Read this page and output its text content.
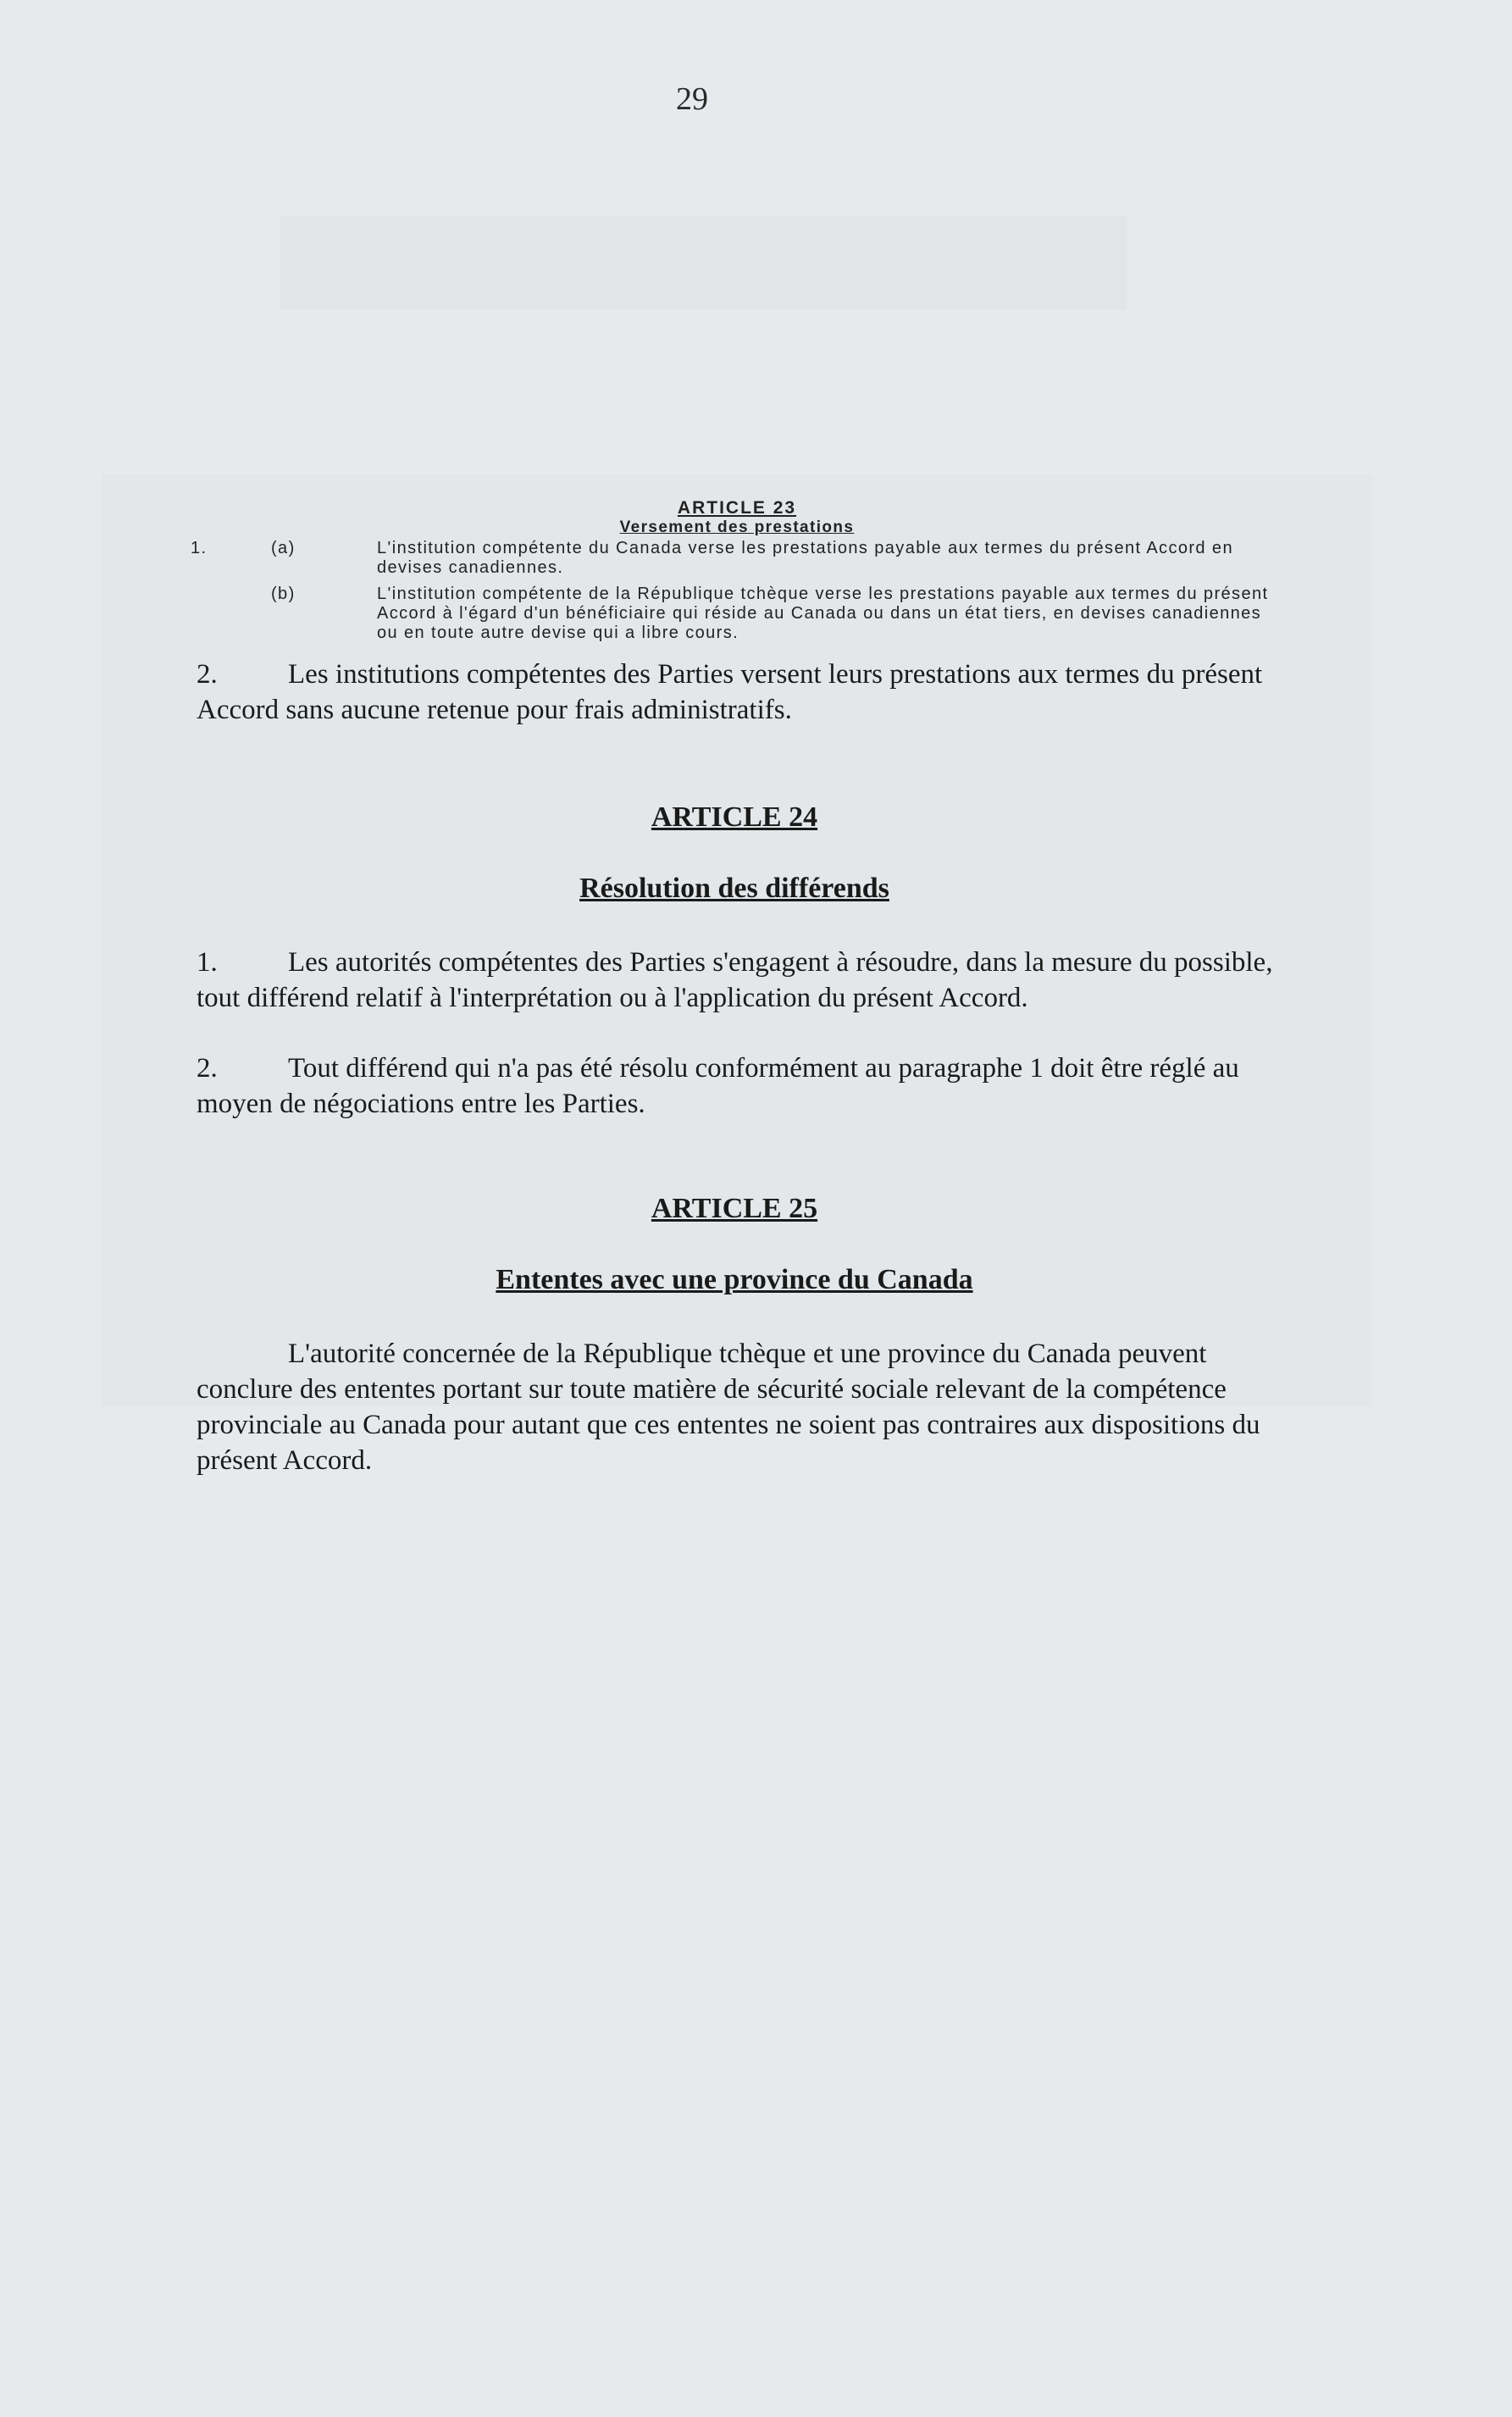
29

ARTICLE 23

Versement des prestations

1.	(a)	L'institution compétente du Canada verse les prestations payable aux termes du présent Accord en devises canadiennes.
(b)	L'institution compétente de la République tchèque verse les prestations payable aux termes du présent Accord à l'égard d'un bénéficiaire qui réside au Canada ou dans un état tiers, en devises canadiennes ou en toute autre devise qui a libre cours.
2.	Les institutions compétentes des Parties versent leurs prestations aux termes du présent Accord sans aucune retenue pour frais administratifs.
ARTICLE 24
Résolution des différends
1.	Les autorités compétentes des Parties s'engagent à résoudre, dans la mesure du possible, tout différend relatif à l'interprétation ou à l'application du présent Accord.
2.	Tout différend qui n'a pas été résolu conformément au paragraphe 1 doit être réglé au moyen de négociations entre les Parties.
ARTICLE 25
Ententes avec une province du Canada
L'autorité concernée de la République tchèque et une province du Canada peuvent conclure des ententes portant sur toute matière de sécurité sociale relevant de la compétence provinciale au Canada pour autant que ces ententes ne soient pas contraires aux dispositions du présent Accord.
